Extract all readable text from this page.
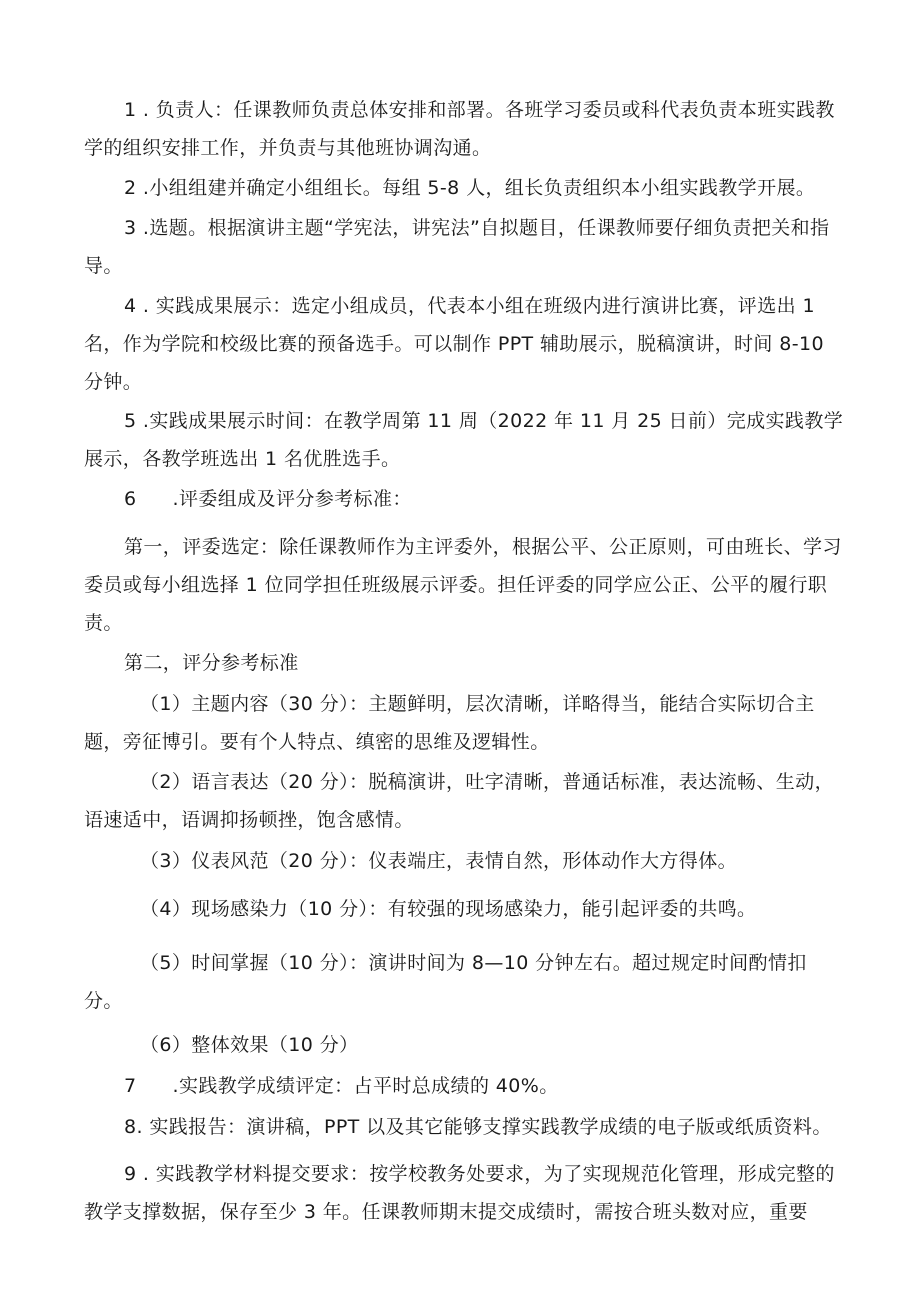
1 . 负责人：任课教师负责总体安排和部署。各班学习委员或科代表负责本班实践教学的组织安排工作，并负责与其他班协调沟通。

2 .小组组建并确定小组组长。每组 5-8 人，组长负责组织本小组实践教学开展。

3 .选题。根据演讲主题“学宪法，讲宪法”自拟题目，任课教师要仔细负责把关和指导。

4 . 实践成果展示：选定小组成员，代表本小组在班级内进行演讲比赛，评选出 1 名，作为学院和校级比赛的预备选手。可以制作 PPT 辅助展示，脱稿演讲，时间 8-10 分钟。

5 .实践成果展示时间：在教学周第 11 周（2022 年 11 月 25 日前）完成实践教学展示，各教学班选出 1 名优胜选手。

6 .评委组成及评分参考标准：

第一，评委选定：除任课教师作为主评委外，根据公平、公正原则，可由班长、学习委员或每小组选择 1 位同学担任班级展示评委。担任评委的同学应公正、公平的履行职责。

第二，评分参考标准

（1）主题内容（30 分）：主题鲜明，层次清晰，详略得当，能结合实际切合主题，旁征博引。要有个人特点、缜密的思维及逻辑性。

（2）语言表达（20 分）：脱稿演讲，吐字清晰，普通话标准，表达流畅、生动，语速适中，语调抑扬顿挫，饱含感情。

（3）仪表风范（20 分）：仪表端庄，表情自然，形体动作大方得体。

（4）现场感染力（10 分）：有较强的现场感染力，能引起评委的共鸣。

（5）时间掌握（10 分）：演讲时间为 8—10 分钟左右。超过规定时间酌情扣分。

（6）整体效果（10 分）

7 .实践教学成绩评定：占平时总成绩的 40%。

8. 实践报告：演讲稿，PPT 以及其它能够支撑实践教学成绩的电子版或纸质资料。

9 . 实践教学材料提交要求：按学校教务处要求，为了实现规范化管理，形成完整的教学支撑数据，保存至少 3 年。任课教师期末提交成绩时，需按合班头数对应，重要
